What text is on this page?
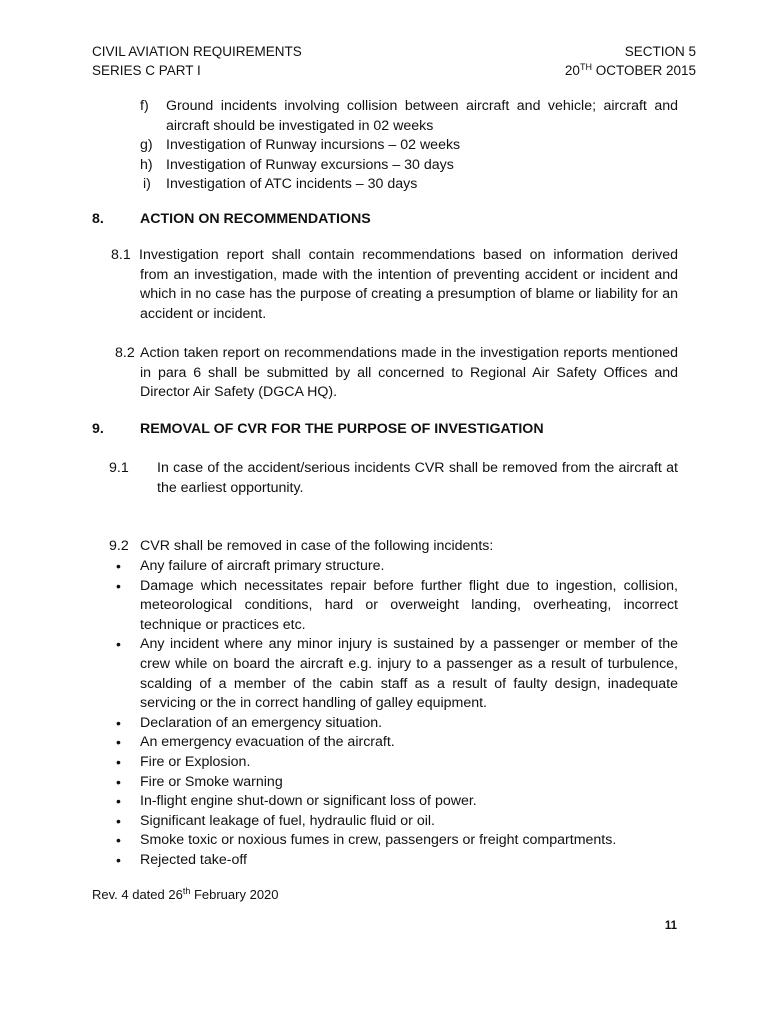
CIVIL AVIATION REQUIREMENTS
SERIES C PART I
SECTION 5
20TH OCTOBER 2015
f) Ground incidents involving collision between aircraft and vehicle; aircraft and aircraft should be investigated in 02 weeks
g) Investigation of Runway incursions – 02 weeks
h) Investigation of Runway excursions – 30 days
i) Investigation of ATC incidents – 30 days
8.	ACTION ON RECOMMENDATIONS
8.1 Investigation report shall contain recommendations based on information derived from an investigation, made with the intention of preventing accident or incident and which in no case has the purpose of creating a presumption of blame or liability for an accident or incident.
8.2 Action taken report on recommendations made in the investigation reports mentioned in para 6 shall be submitted by all concerned to Regional Air Safety Offices and Director Air Safety (DGCA HQ).
9.	REMOVAL OF CVR FOR THE PURPOSE OF INVESTIGATION
9.1 In case of the accident/serious incidents CVR shall be removed from the aircraft at the earliest opportunity.
9.2 CVR shall be removed in case of the following incidents:
• Any failure of aircraft primary structure.
• Damage which necessitates repair before further flight due to ingestion, collision, meteorological conditions, hard or overweight landing, overheating, incorrect technique or practices etc.
• Any incident where any minor injury is sustained by a passenger or member of the crew while on board the aircraft e.g. injury to a passenger as a result of turbulence, scalding of a member of the cabin staff as a result of faulty design, inadequate servicing or the in correct handling of galley equipment.
• Declaration of an emergency situation.
• An emergency evacuation of the aircraft.
• Fire or Explosion.
• Fire or Smoke warning
• In-flight engine shut-down or significant loss of power.
• Significant leakage of fuel, hydraulic fluid or oil.
• Smoke toxic or noxious fumes in crew, passengers or freight compartments.
• Rejected take-off
Rev. 4 dated 26th February 2020
11
